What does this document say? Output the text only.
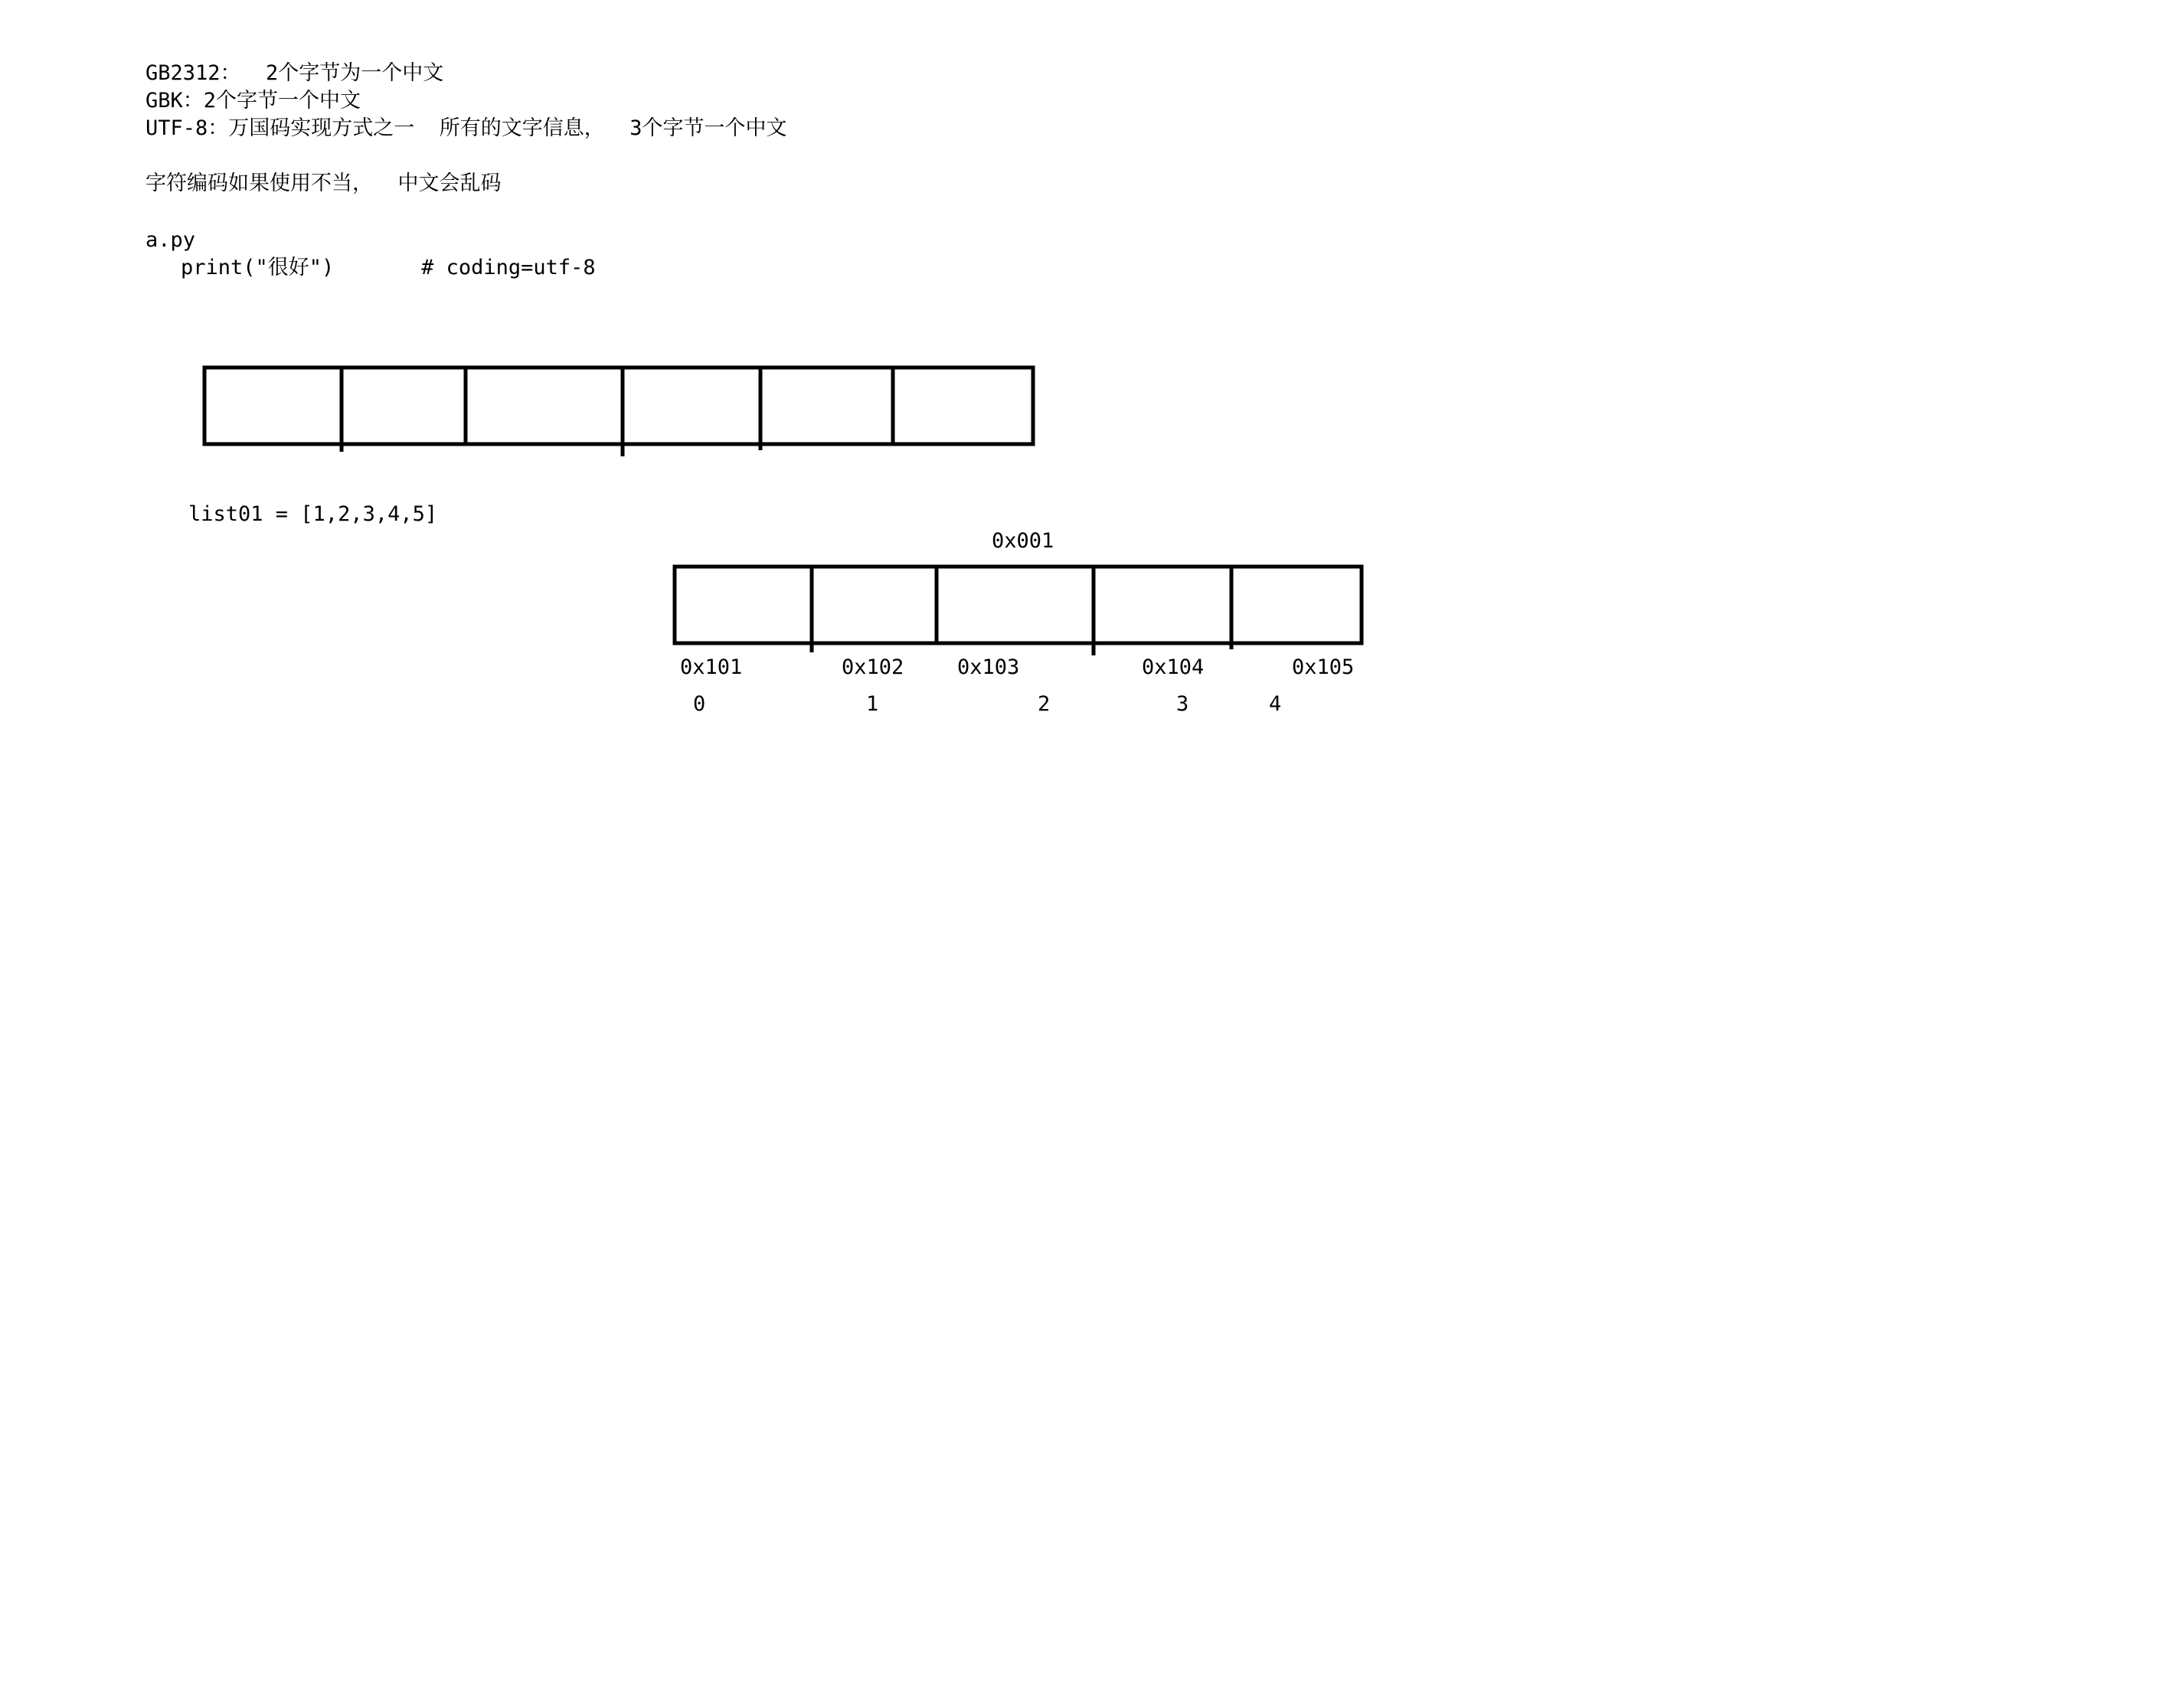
GB2312：  2个字节为一个中文
GBK：2个字节一个中文
UTF-8：万国码实现方式之一  所有的文字信息，  3个字节一个中文
字符编码如果使用不当，  中文会乱码
a.py
print("很好")       # coding=utf-8
list01 = [1,2,3,4,5]
0x001
0x101	0x102	0x103	0x104	0x105
0	1	2	3	4
